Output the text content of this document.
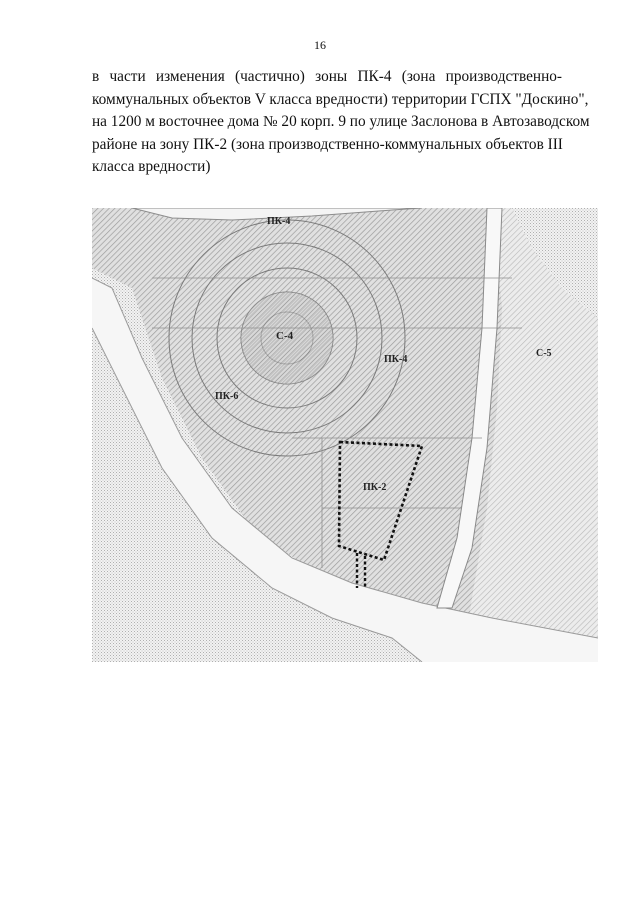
16
в части изменения (частично) зоны ПК-4 (зона производственно-
коммунальных объектов V класса вредности) территории ГСПХ "Доскино",
на 1200 м восточнее дома № 20 корп. 9 по улице Заслонова в Автозаводском
районе на зону ПК-2 (зона производственно-коммунальных объектов III
класса вредности)
ПК-4
С-4
ПК-4
ПК-6
С-5
ПК-2
